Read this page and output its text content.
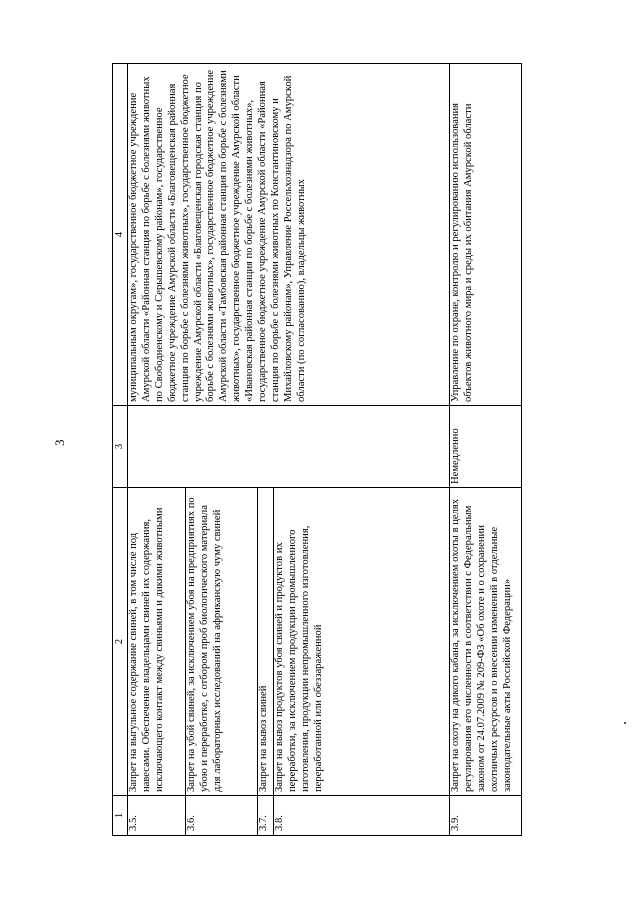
3
1	2	3	4
3.5.	Запрет на выгульное содержание свиней, в том числе под навесами. Обеспечение владельцами свиней их содержания, исключающего контакт между свиньями и дикими животными		муниципальным округам», государственное бюджетное учреждение Амурской области «Районная станция по борьбе с болезнями животных по Свободненскому и Серышевскому районам», государственное бюджетное учреждение Амурской области «Благовещенская районная станция по борьбе с болезнями животных», государственное бюджетное учреждение Амурской области «Благовещенская городская станция по борьбе с болезнями животных», государственное бюджетное учреждение Амурской области «Тамбовская районная станция по борьбе с болезнями животных», государственное бюджетное учреждение Амурской области «Ивановская районная станция по борьбе с болезнями животных», государственное бюджетное учреждение Амурской области «Районная станция по борьбе с болезнями животных по Константиновскому и Михайловскому районам», Управление Россельхознадзора по Амурской области (по согласованию), владельцы животных
3.6.	Запрет на убой свиней, за исключением убоя на предприятиях по убою и переработке, с отбором проб биологического материала для лабораторных исследований на африканскую чуму свиней		
3.7.	Запрет на вывоз свиней		
3.8.	Запрет на вывоз продуктов убоя свиней и продуктов их переработки, за исключением продукции промышленного изготовления, продукции непромышленного изготовления, переработанной или обеззараженной		
3.9.	Запрет на охоту на дикого кабана, за исключением охоты в целях регулирования его численности в соответствии с Федеральным законом от 24.07.2009 № 209-ФЗ «Об охоте и о сохранении охотничьих ресурсов и о внесении изменений в отдельные законодательные акты Российской Федерации»	Немедленно	Управление по охране, контролю и регулированию использования объектов животного мира и среды их обитания Амурской области
